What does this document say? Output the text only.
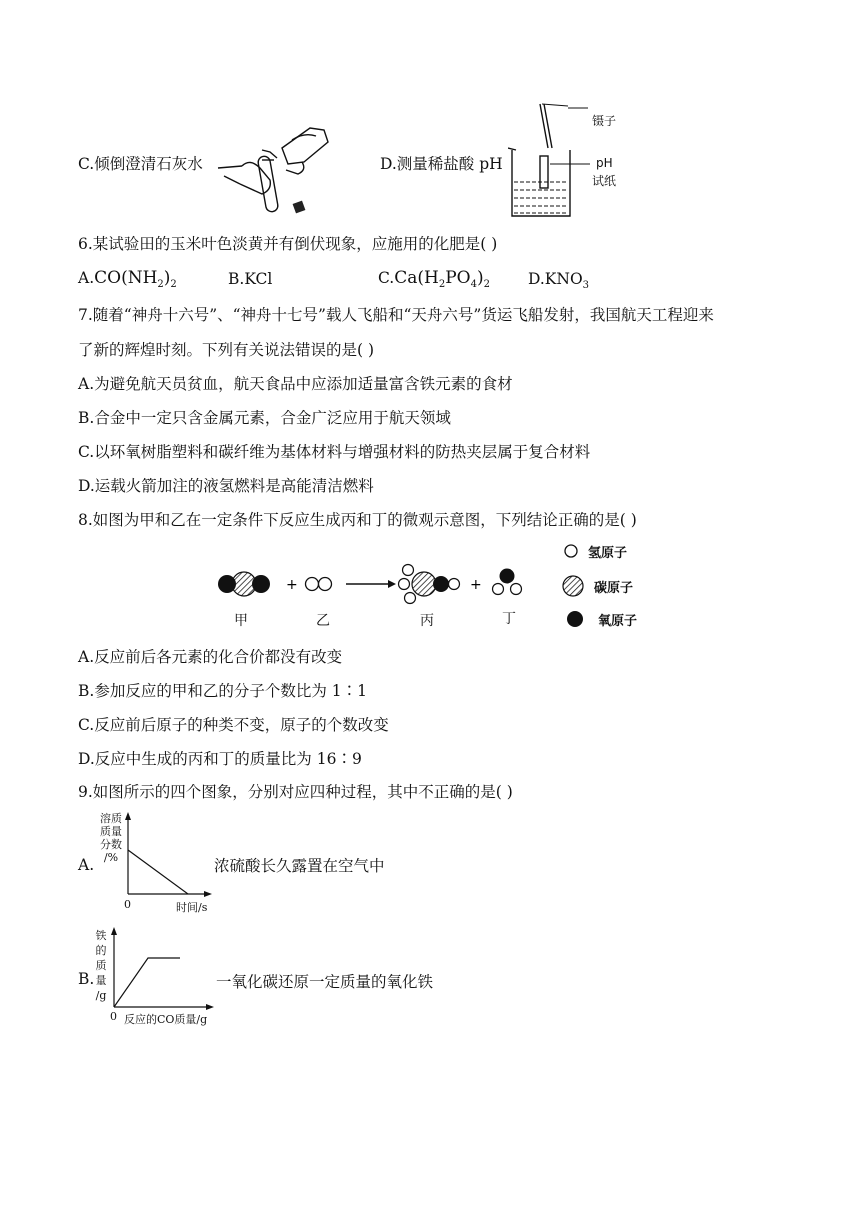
C.倾倒澄清石灰水	D.测量稀盐酸 pH
镊子
pH
试纸
6.某试验田的玉米叶色淡黄并有倒伏现象，应施用的化肥是( )
$A.CO(NH_2)_2$	B.KCl	$C.Ca(H_2PO_4)_2$ $D.KNO_3$
7.随着“神舟十六号”、“神舟十七号”载人飞船和“天舟六号”货运飞船发射，我国航天工程迎来
了新的辉煌时刻。下列有关说法错误的是( )
A.为避免航天员贫血，航天食品中应添加适量富含铁元素的食材
B.合金中一定只含金属元素，合金广泛应用于航天领域
C.以环氧树脂塑料和碳纤维为基体材料与增强材料的防热夹层属于复合材料
D.运载火箭加注的液氢燃料是高能清洁燃料
8.如图为甲和乙在一定条件下反应生成丙和丁的微观示意图，下列结论正确的是( )
+	+
甲	乙	丙	丁
氢原子
碳原子
氧原子
A.反应前后各元素的化合价都没有改变
B.参加反应的甲和乙的分子个数比为 1∶1
C.反应前后原子的种类不变，原子的个数改变
D.反应中生成的丙和丁的质量比为 16∶9
9.如图所示的四个图象，分别对应四种过程，其中不正确的是( )
A.
溶质
质量
分数
/%
0	时间/s
浓硫酸长久露置在空气中
B.
铁
的
质
量
/g
0 反应的CO质量/g
一氧化碳还原一定质量的氧化铁
